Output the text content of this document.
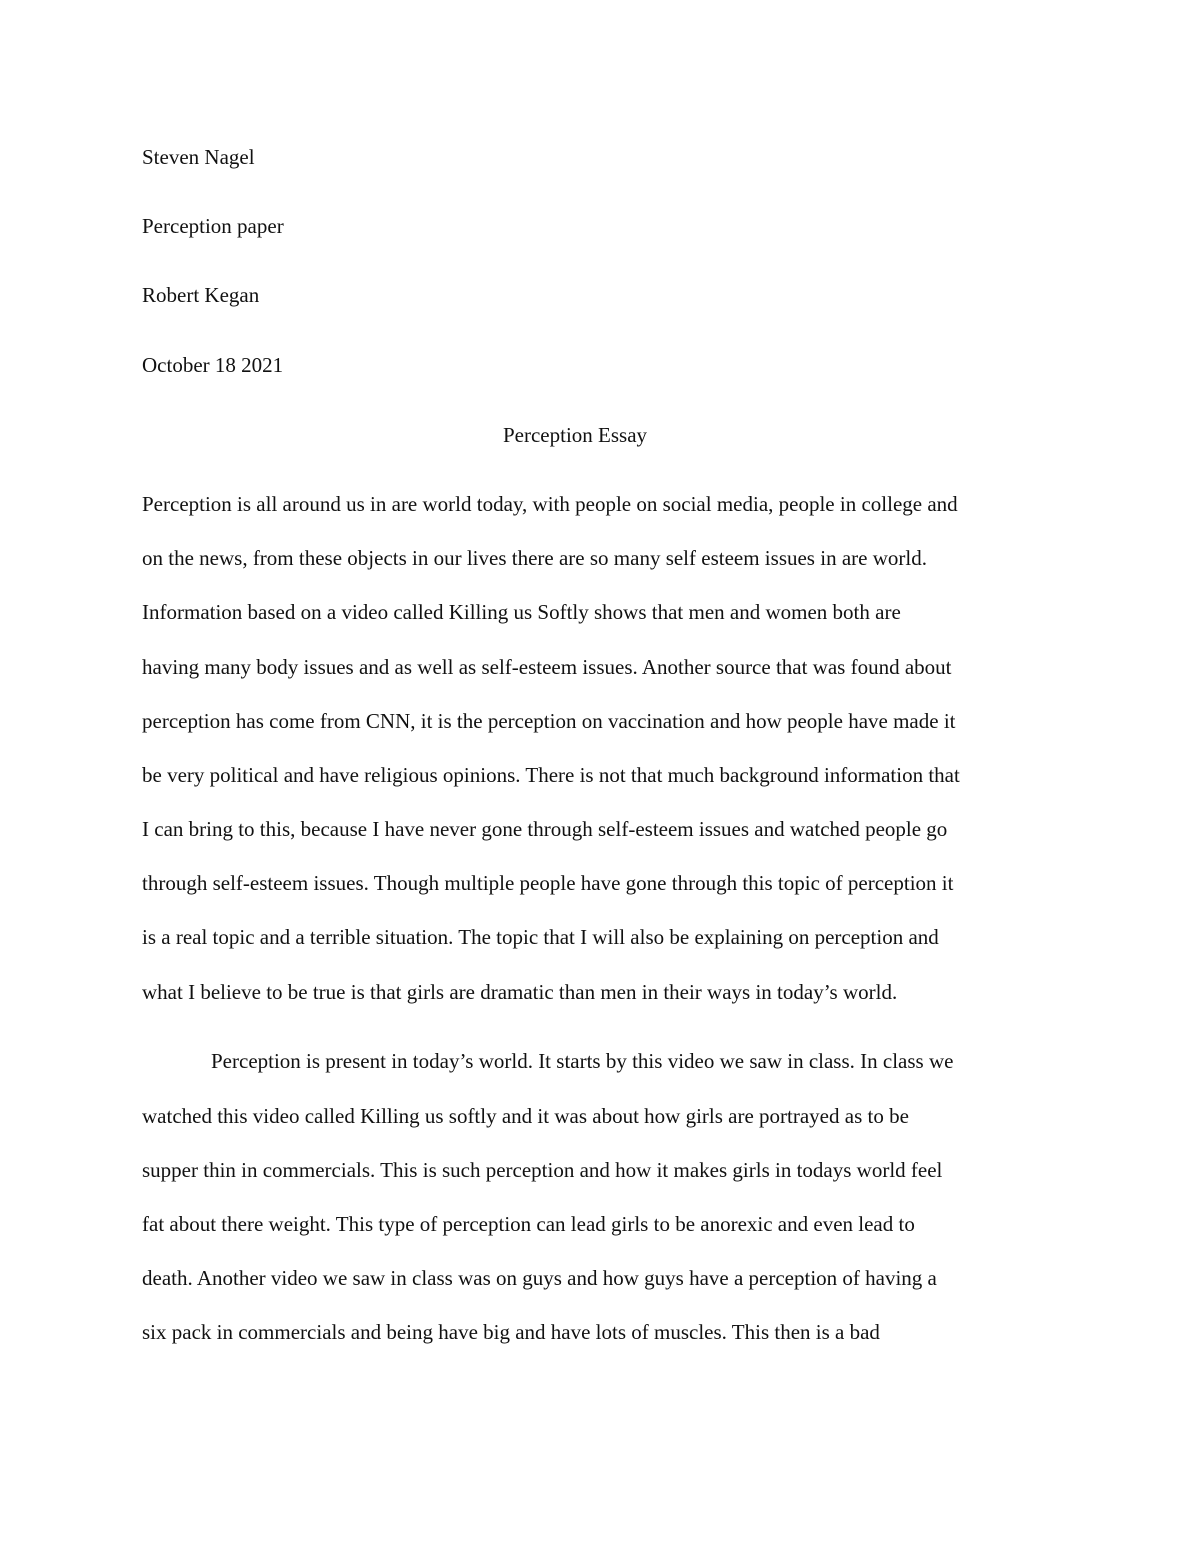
Steven Nagel
Perception paper
Robert Kegan
October 18 2021
Perception Essay
Perception is all around us in are world today, with people on social media, people in college and
on the news, from these objects in our lives there are so many self esteem issues in are world.
Information based on a video called Killing us Softly shows that men and women both are
having many body issues and as well as self-esteem issues. Another source that was found about
perception has come from CNN, it is the perception on vaccination and how people have made it
be very political and have religious opinions. There is not that much background information that
I can bring to this, because I have never gone through self-esteem issues and watched people go
through self-esteem issues. Though multiple people have gone through this topic of perception it
is a real topic and a terrible situation. The topic that I will also be explaining on perception and
what I believe to be true is that girls are dramatic than men in their ways in today’s world.
Perception is present in today’s world. It starts by this video we saw in class. In class we
watched this video called Killing us softly and it was about how girls are portrayed as to be
supper thin in commercials. This is such perception and how it makes girls in todays world feel
fat about there weight. This type of perception can lead girls to be anorexic and even lead to
death. Another video we saw in class was on guys and how guys have a perception of having a
six pack in commercials and being have big and have lots of muscles. This then is a bad
